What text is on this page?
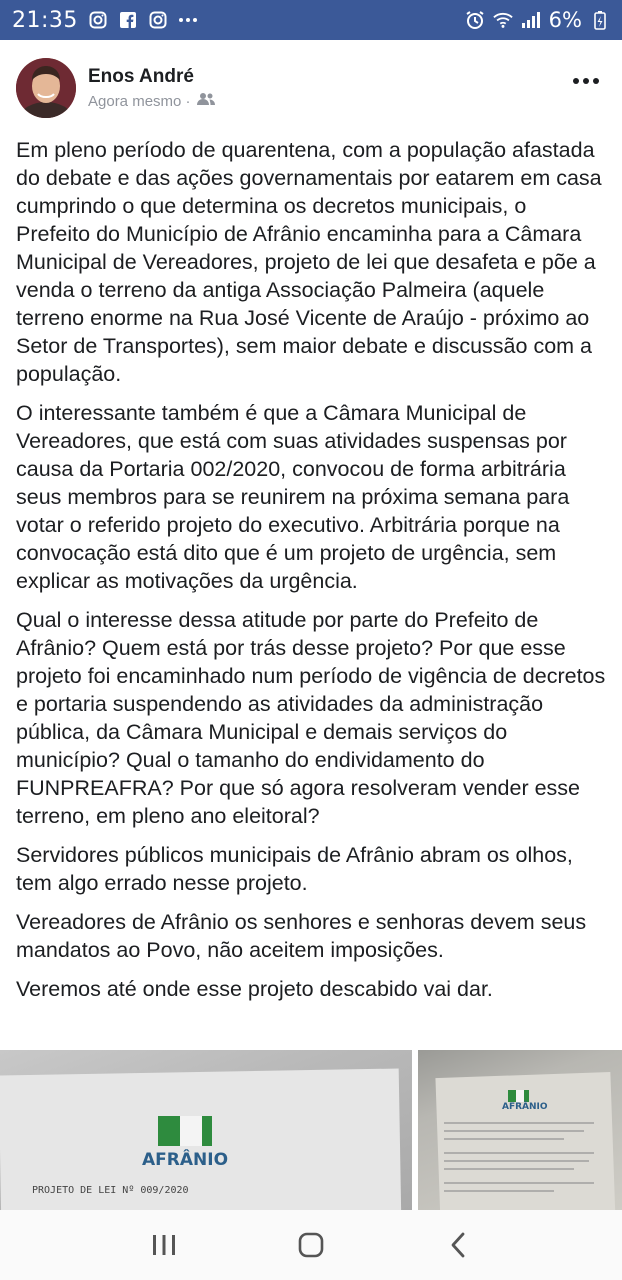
21:35	6%
Enos André
Agora mesmo ·

Em pleno período de quarentena, com a população afastada do debate e das ações governamentais por eatarem em casa cumprindo o que determina os decretos municipais, o Prefeito do Município de Afrânio encaminha para a Câmara Municipal de Vereadores, projeto de lei que desafeta e põe a venda o terreno da antiga Associação Palmeira (aquele terreno enorme na Rua José Vicente de Araújo - próximo ao Setor de Transportes), sem maior debate e discussão com a população.

O interessante também é que a Câmara Municipal de Vereadores, que está com suas atividades suspensas por causa da Portaria 002/2020, convocou de forma arbitrária seus membros para se reunirem na próxima semana para votar o referido projeto do executivo. Arbitrária porque na convocação está dito que é um projeto de urgência, sem explicar as motivações da urgência.

Qual o interesse dessa atitude por parte do Prefeito de Afrânio? Quem está por trás desse projeto? Por que esse projeto foi encaminhado num período de vigência de decretos e portaria suspendendo as atividades da administração pública, da Câmara Municipal e demais serviços do município? Qual o tamanho do endividamento do FUNPREAFRA? Por que só agora resolveram vender esse terreno, em pleno ano eleitoral?

Servidores públicos municipais de Afrânio abram os olhos, tem algo errado nesse projeto.

Vereadores de Afrânio os senhores e senhoras devem seus mandatos ao Povo, não aceitem imposições.

Veremos até onde esse projeto descabido vai dar.

AFRÂNIO
PROJETO DE LEI Nº 009/2020
AFRÂNIO
